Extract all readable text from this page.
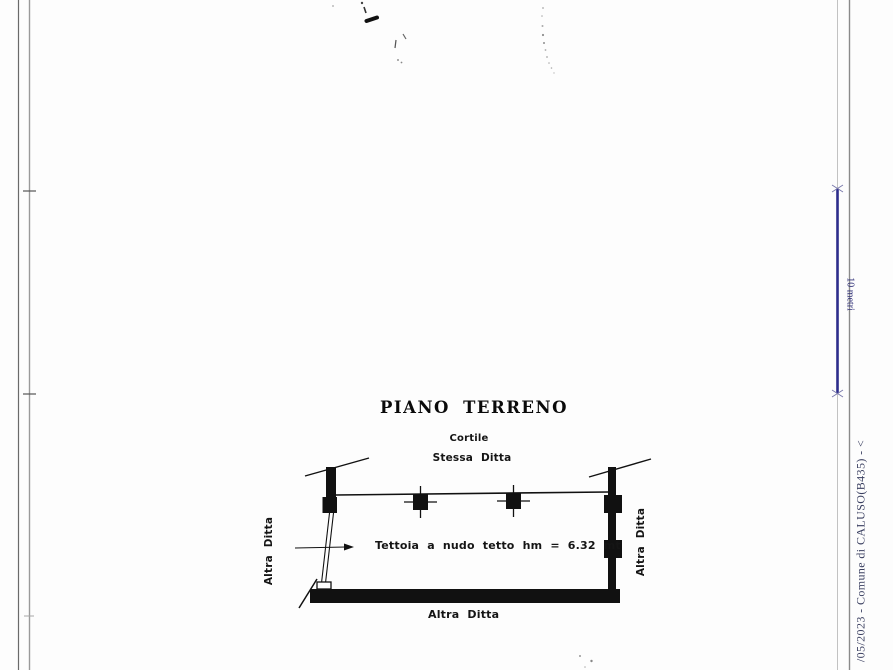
PIANO TERRENO
Cortile
Stessa Ditta
Tettoia a nudo tetto hm = 6.32 mt
Altra Ditta	Altra Ditta
Altra Ditta
10 metri
/05/2023 - Comune di CALUSO(B435) - <
